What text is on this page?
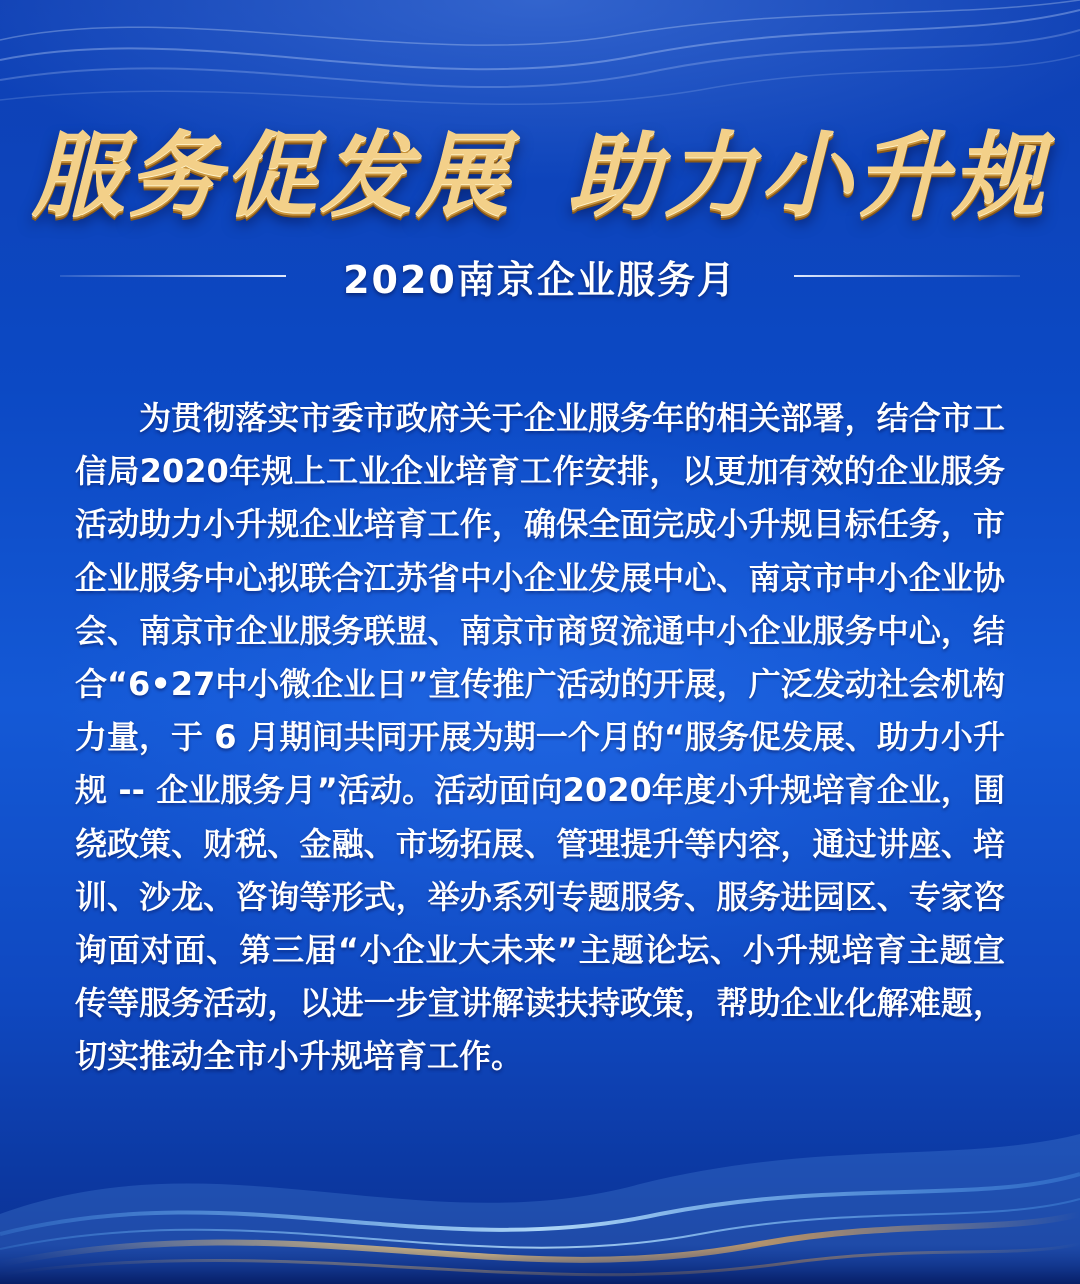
服务促发展 助力小升规
2020南京企业服务月

为贯彻落实市委市政府关于企业服务年的相关部署，结合市工信局2020年规上工业企业培育工作安排，以更加有效的企业服务活动助力小升规企业培育工作，确保全面完成小升规目标任务，市企业服务中心拟联合江苏省中小企业发展中心、南京市中小企业协会、南京市企业服务联盟、南京市商贸流通中小企业服务中心，结合“6•27中小微企业日”宣传推广活动的开展，广泛发动社会机构力量，于 6 月期间共同开展为期一个月的“服务促发展、助力小升规 -- 企业服务月”活动。活动面向2020年度小升规培育企业，围绕政策、财税、金融、市场拓展、管理提升等内容，通过讲座、培训、沙龙、咨询等形式，举办系列专题服务、服务进园区、专家咨询面对面、第三届“小企业大未来”主题论坛、小升规培育主题宣传等服务活动，以进一步宣讲解读扶持政策，帮助企业化解难题，切实推动全市小升规培育工作。
